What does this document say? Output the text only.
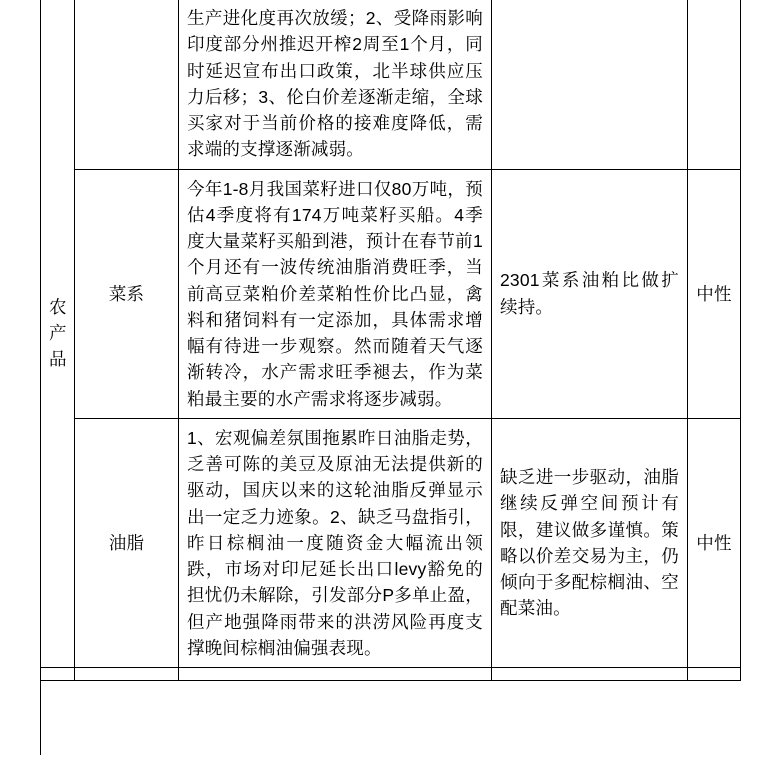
农产品		生产进化度再次放缓；2、受降雨影响印度部分州推迟开榨2周至1个月，同时延迟宣布出口政策，北半球供应压力后移；3、伦白价差逐渐走缩，全球买家对于当前价格的接难度降低，需求端的支撑逐渐减弱。		
	菜系	今年1-8月我国菜籽进口仅80万吨，预估4季度将有174万吨菜籽买船。4季度大量菜籽买船到港，预计在春节前1个月还有一波传统油脂消费旺季，当前高豆菜粕价差菜粕性价比凸显，禽料和猪饲料有一定添加，具体需求增幅有待进一步观察。然而随着天气逐渐转冷，水产需求旺季褪去，作为菜粕最主要的水产需求将逐步减弱。	2301菜系油粕比做扩续持。	中性
	油脂	1、宏观偏差氛围拖累昨日油脂走势，乏善可陈的美豆及原油无法提供新的驱动，国庆以来的这轮油脂反弹显示出一定乏力迹象。2、缺乏马盘指引，昨日棕榈油一度随资金大幅流出领跌，市场对印尼延长出口levy豁免的担忧仍未解除，引发部分P多单止盈，但产地强降雨带来的洪涝风险再度支撑晚间棕榈油偏强表现。	缺乏进一步驱动，油脂继续反弹空间预计有限，建议做多谨慎。策略以价差交易为主，仍倾向于多配棕榈油、空配菜油。	中性
